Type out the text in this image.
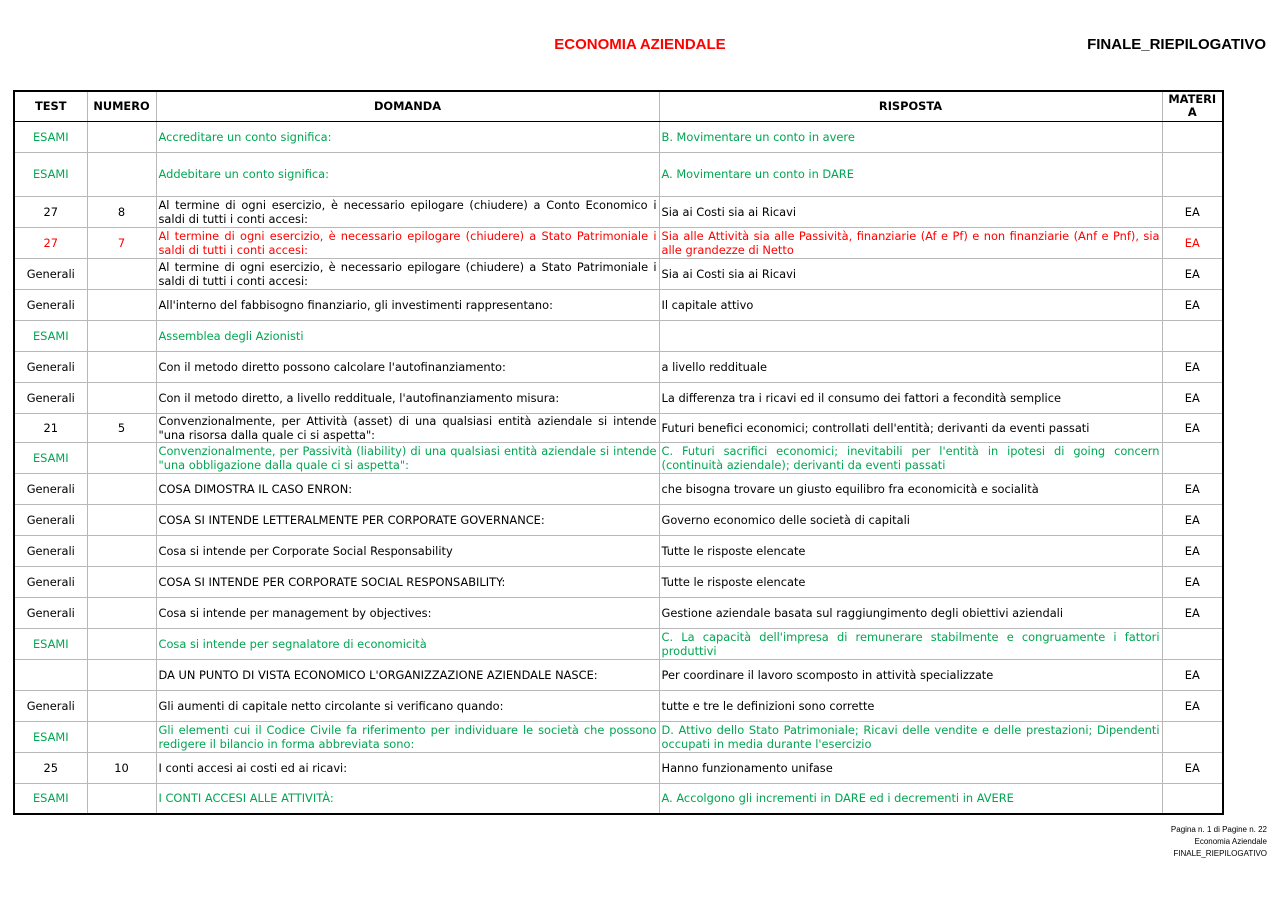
ECONOMIA AZIENDALE	FINALE_RIEPILOGATIVO
TEST	NUMERO	DOMANDA	RISPOSTA	MATERI
A
ESAMI		Accreditare un conto significa:	B. Movimentare un conto in avere	
ESAMI		Addebitare un conto significa:	A. Movimentare un conto in DARE	
27	8	Al termine di ogni esercizio, è necessario epilogare (chiudere) a Conto Economico i saldi di tutti i conti accesi:	Sia ai Costi sia ai Ricavi	EA
27	7	Al termine di ogni esercizio, è necessario epilogare (chiudere) a Stato Patrimoniale i saldi di tutti i conti accesi:	Sia alle Attività sia alle Passività, finanziarie (Af e Pf) e non finanziarie (Anf e Pnf), sia alle grandezze di Netto	EA
Generali		Al termine di ogni esercizio, è necessario epilogare (chiudere) a Stato Patrimoniale i saldi di tutti i conti accesi:	Sia ai Costi sia ai Ricavi	EA
Generali		All'interno del fabbisogno finanziario, gli investimenti rappresentano:	Il capitale attivo	EA
ESAMI		Assemblea degli Azionisti		
Generali		Con il metodo diretto possono calcolare l'autofinanziamento:	a livello reddituale	EA
Generali		Con il metodo diretto, a livello reddituale, l'autofinanziamento misura:	La differenza tra i ricavi ed il consumo dei fattori a fecondità semplice	EA
21	5	Convenzionalmente, per Attività (asset) di una qualsiasi entità aziendale si intende "una risorsa dalla quale ci si aspetta":	Futuri benefici economici; controllati dell'entità; derivanti da eventi passati	EA
ESAMI		Convenzionalmente, per Passività (liability) di una qualsiasi entità aziendale si intende "una obbligazione dalla quale ci si aspetta":	C. Futuri sacrifici economici; inevitabili per l'entità in ipotesi di going concern (continuità aziendale); derivanti da eventi passati	
Generali		COSA DIMOSTRA IL CASO ENRON:	che bisogna trovare un giusto equilibro fra economicità e socialità	EA
Generali		COSA SI INTENDE LETTERALMENTE PER CORPORATE GOVERNANCE:	Governo economico delle società di capitali	EA
Generali		Cosa si intende per Corporate Social Responsability	Tutte le risposte elencate	EA
Generali		COSA SI INTENDE PER CORPORATE SOCIAL RESPONSABILITY:	Tutte le risposte elencate	EA
Generali		Cosa si intende per management by objectives:	Gestione aziendale basata sul raggiungimento degli obiettivi aziendali	EA
ESAMI		Cosa si intende per segnalatore di economicità	C. La capacità dell'impresa di remunerare stabilmente e congruamente i fattori produttivi	
		DA UN PUNTO DI VISTA ECONOMICO L'ORGANIZZAZIONE AZIENDALE NASCE:	Per coordinare il lavoro scomposto in attività specializzate	EA
Generali		Gli aumenti di capitale netto circolante si verificano quando:	tutte e tre le definizioni sono corrette	EA
ESAMI		Gli elementi cui il Codice Civile fa riferimento per individuare le società che possono redigere il bilancio in forma abbreviata sono:	D. Attivo dello Stato Patrimoniale; Ricavi delle vendite e delle prestazioni; Dipendenti occupati in media durante l'esercizio	
25	10	I conti accesi ai costi ed ai ricavi:	Hanno funzionamento unifase	EA
ESAMI		I CONTI ACCESI ALLE ATTIVITÀ:	A. Accolgono gli incrementi in DARE ed i decrementi in AVERE	
Pagina n. 1 di Pagine n. 22
Economia Aziendale
FINALE_RIEPILOGATIVO
